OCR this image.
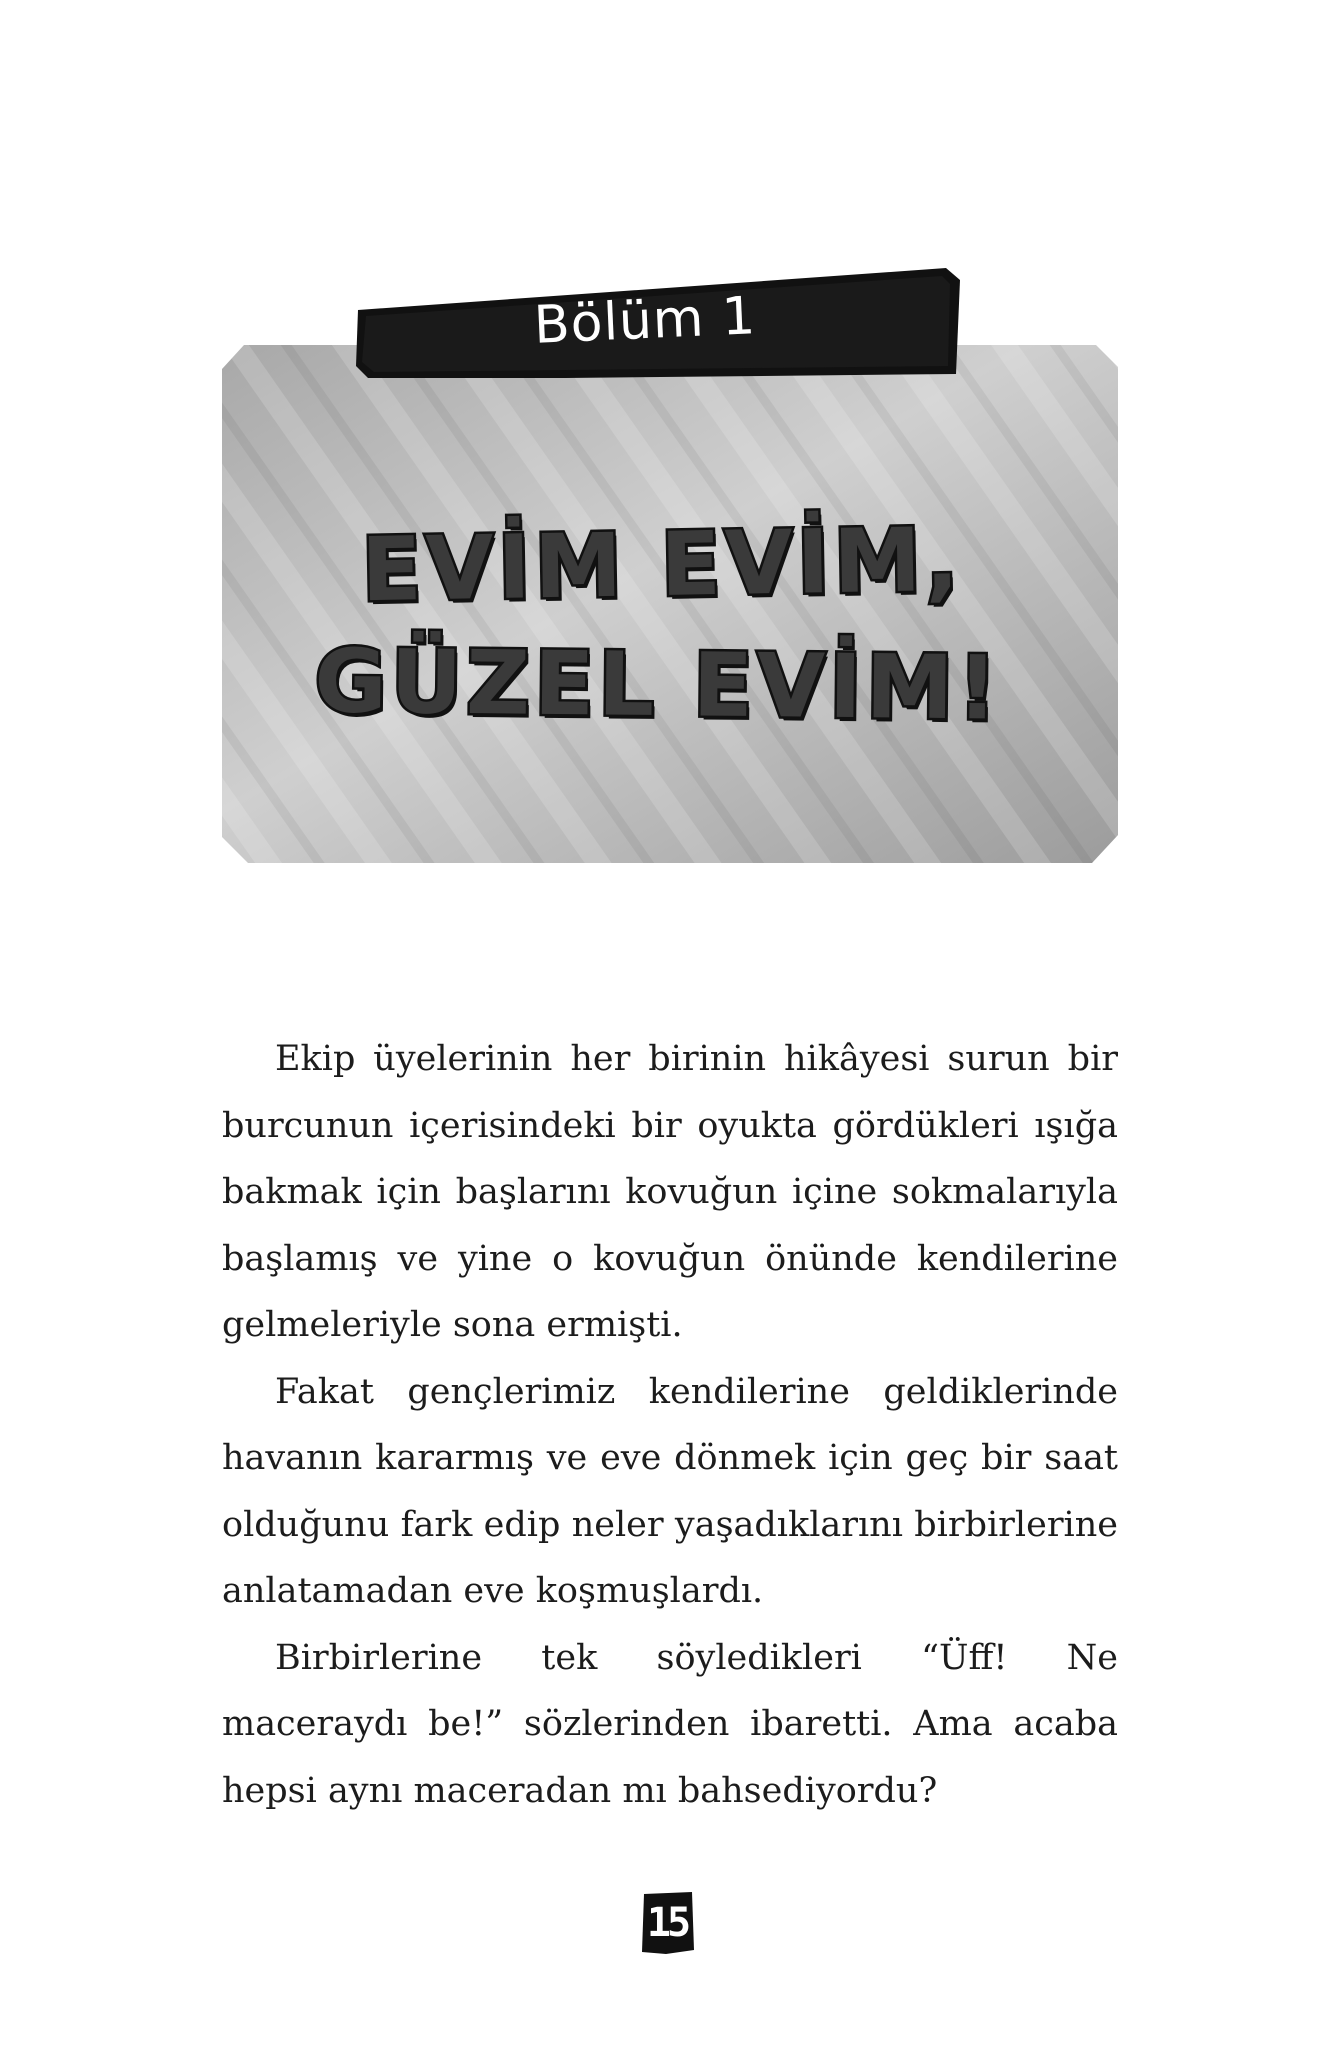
Bölüm 1
EVİM EVİM,
GÜZEL EVİM!

Ekip üyelerinin her birinin hikâyesi surun bir burcunun içerisindeki bir oyukta gördükleri ışığa bakmak için başlarını kovuğun içine sokmalarıyla başlamış ve yine o kovuğun önünde kendilerine gelmeleriyle sona ermişti.

Fakat gençlerimiz kendilerine geldiklerinde havanın kararmış ve eve dönmek için geç bir saat olduğunu fark edip neler yaşadıklarını birbirlerine anlatamadan eve koşmuşlardı.

Birbirlerine tek söyledikleri “Üff! Ne maceraydı be!” sözlerinden ibaretti. Ama acaba hepsi aynı maceradan mı bahsediyordu?

15
